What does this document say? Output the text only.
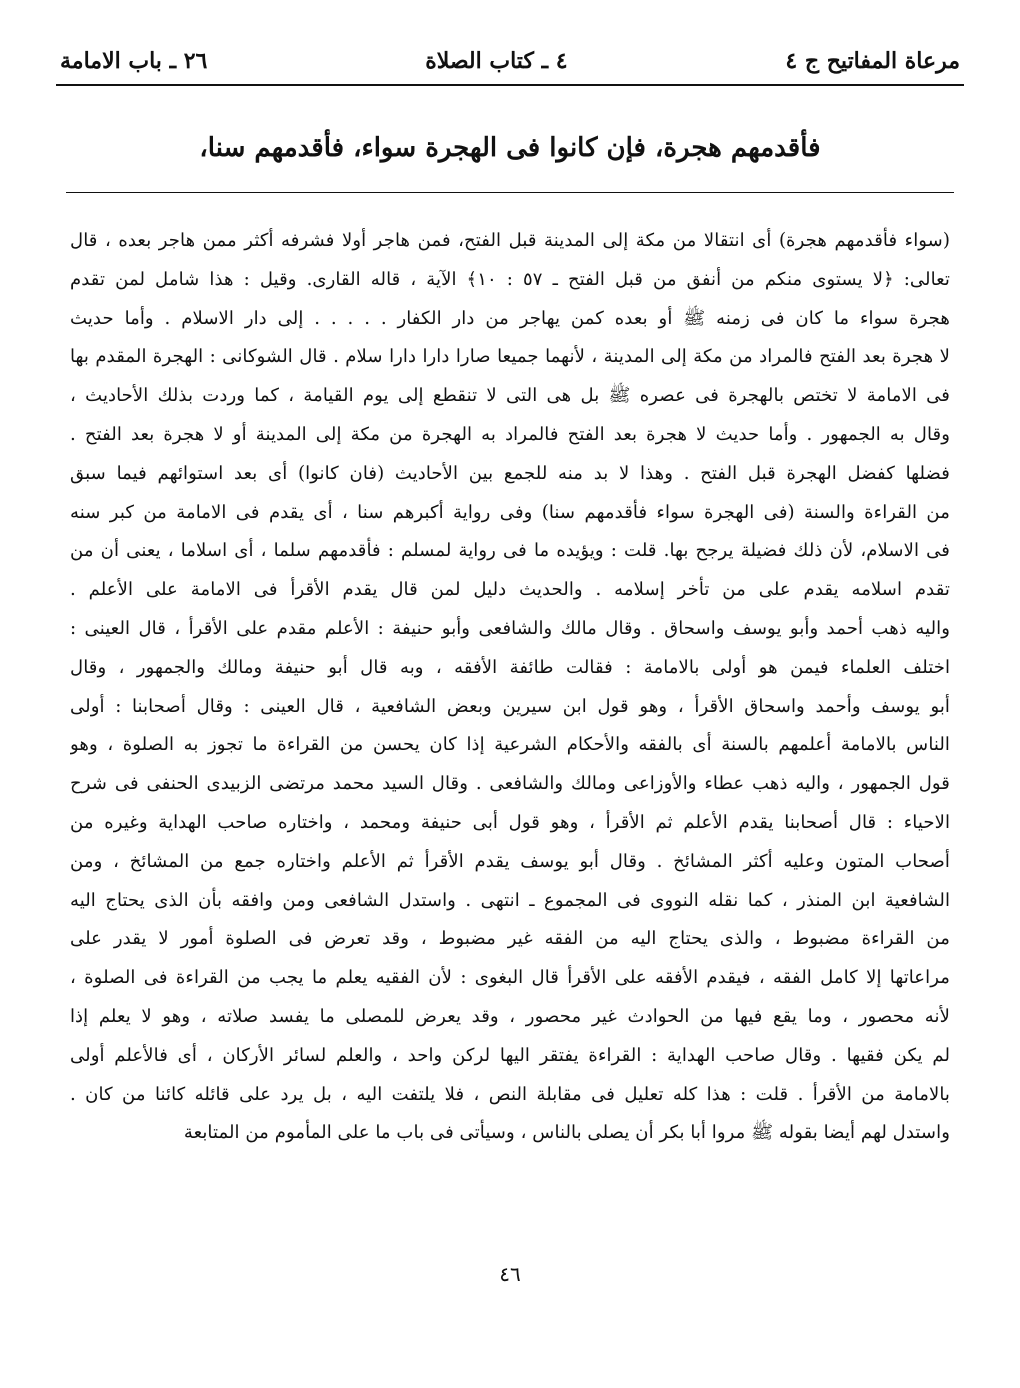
مرعاة المفاتيح ج ٤
٤ ـ كتاب الصلاة
٢٦ ـ باب الامامة
فأقدمهم هجرة، فإن كانوا فى الهجرة سواء، فأقدمهم سنا،
(سواء فأقدمهم هجرة) أى انتقالا من مكة إلى المدينة قبل الفتح، فمن هاجر أولا فشرفه أكثر ممن هاجر بعده ، قال
تعالى: ﴿لا يستوى منكم من أنفق من قبل الفتح ـ ٥٧ : ١٠﴾ الآية ، قاله القارى. وقيل : هذا شامل لمن تقدم
هجرة سواء ما كان فى زمنه ﷺ أو بعده كمن يهاجر من دار الكفار . . . . . إلى دار الاسلام . وأما حديث
لا هجرة بعد الفتح فالمراد من مكة إلى المدينة ، لأنهما جميعا صارا دارا دارا سلام . قال الشوكانى : الهجرة المقدم بها
فى الامامة لا تختص بالهجرة فى عصره ﷺ بل هى التى لا تنقطع إلى يوم القيامة ، كما وردت بذلك الأحاديث ،
وقال به الجمهور . وأما حديث لا هجرة بعد الفتح فالمراد به الهجرة من مكة إلى المدينة أو لا هجرة بعد الفتح .
فضلها كفضل الهجرة قبل الفتح . وهذا لا بد منه للجمع بين الأحاديث (فان كانوا) أى بعد استوائهم فيما سبق
من القراءة والسنة (فى الهجرة سواء فأقدمهم سنا) وفى رواية أكبرهم سنا ، أى يقدم فى الامامة من كبر سنه
فى الاسلام، لأن ذلك فضيلة يرجح بها. قلت : ويؤيده ما فى رواية لمسلم : فأقدمهم سلما ، أى اسلاما ، يعنى أن من
تقدم اسلامه يقدم على من تأخر إسلامه . والحديث دليل لمن قال يقدم الأقرأ فى الامامة على الأعلم .
واليه ذهب أحمد وأبو يوسف واسحاق . وقال مالك والشافعى وأبو حنيفة : الأعلم مقدم على الأقرأ ، قال العينى :
اختلف العلماء فيمن هو أولى بالامامة : فقالت طائفة الأفقه ، وبه قال أبو حنيفة ومالك والجمهور ، وقال
أبو يوسف وأحمد واسحاق الأقرأ ، وهو قول ابن سيرين وبعض الشافعية ، قال العينى : وقال أصحابنا : أولى
الناس بالامامة أعلمهم بالسنة أى بالفقه والأحكام الشرعية إذا كان يحسن من القراءة ما تجوز به الصلوة ، وهو
قول الجمهور ، واليه ذهب عطاء والأوزاعى ومالك والشافعى . وقال السيد محمد مرتضى الزبيدى الحنفى فى شرح
الاحياء : قال أصحابنا يقدم الأعلم ثم الأقرأ ، وهو قول أبى حنيفة ومحمد ، واختاره صاحب الهداية وغيره من
أصحاب المتون وعليه أكثر المشائخ . وقال أبو يوسف يقدم الأقرأ ثم الأعلم واختاره جمع من المشائخ ، ومن
الشافعية ابن المنذر ، كما نقله النووى فى المجموع ـ انتهى . واستدل الشافعى ومن وافقه بأن الذى يحتاج اليه
من القراءة مضبوط ، والذى يحتاج اليه من الفقه غير مضبوط ، وقد تعرض فى الصلوة أمور لا يقدر على
مراعاتها إلا كامل الفقه ، فيقدم الأفقه على الأقرأ قال البغوى : لأن الفقيه يعلم ما يجب من القراءة فى الصلوة ،
لأنه محصور ، وما يقع فيها من الحوادث غير محصور ، وقد يعرض للمصلى ما يفسد صلاته ، وهو لا يعلم إذا
لم يكن فقيها . وقال صاحب الهداية : القراءة يفتقر اليها لركن واحد ، والعلم لسائر الأركان ، أى فالأعلم أولى
بالامامة من الأقرأ . قلت : هذا كله تعليل فى مقابلة النص ، فلا يلتفت اليه ، بل يرد على قائله كائنا من كان .
واستدل لهم أيضا بقوله ﷺ مروا أبا بكر أن يصلى بالناس ، وسيأتى فى باب ما على المأموم من المتابعة
٤٦
